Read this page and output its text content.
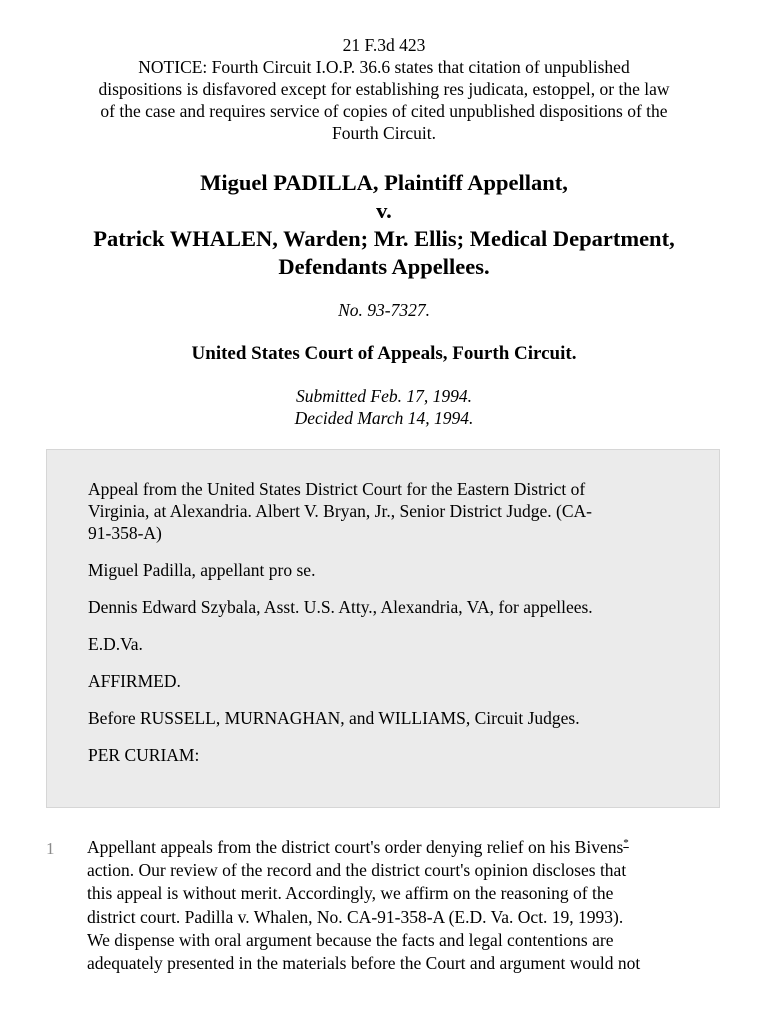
21 F.3d 423

NOTICE: Fourth Circuit I.O.P. 36.6 states that citation of unpublished

dispositions is disfavored except for establishing res judicata, estoppel, or the law

of the case and requires service of copies of cited unpublished dispositions of the

Fourth Circuit.

Miguel PADILLA, Plaintiff Appellant,

v.

Patrick WHALEN, Warden; Mr. Ellis; Medical Department,

Defendants Appellees.

No. 93-7327.
United States Court of Appeals, Fourth Circuit.

Submitted Feb. 17, 1994.

Decided March 14, 1994.

Appeal from the United States District Court for the Eastern District of
Virginia, at Alexandria. Albert V. Bryan, Jr., Senior District Judge. (CA-
91-358-A)

Miguel Padilla, appellant pro se.

Dennis Edward Szybala, Asst. U.S. Atty., Alexandria, VA, for appellees.

E.D.Va.

AFFIRMED.

Before RUSSELL, MURNAGHAN, and WILLIAMS, Circuit Judges.

PER CURIAM:

1	Appellant appeals from the district court's order denying relief on his Bivens*
action. Our review of the record and the district court's opinion discloses that
this appeal is without merit. Accordingly, we affirm on the reasoning of the
district court. Padilla v. Whalen, No. CA-91-358-A (E.D. Va. Oct. 19, 1993).
We dispense with oral argument because the facts and legal contentions are
adequately presented in the materials before the Court and argument would not
